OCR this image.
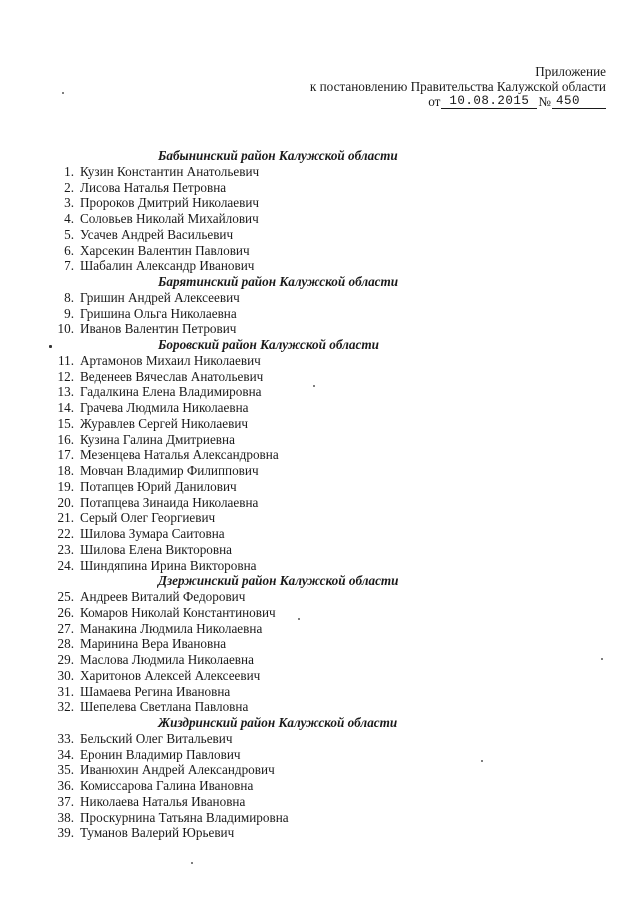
Приложение
к постановлению Правительства Калужской области
от 10.08.2015 № 450
Бабынинский район Калужской области
1. Кузин Константин Анатольевич
2. Лисова Наталья Петровна
3. Пророков Дмитрий Николаевич
4. Соловьев Николай Михайлович
5. Усачев Андрей Васильевич
6. Харсекин Валентин Павлович
7. Шабалин Александр Иванович
Барятинский район Калужской области
8. Гришин Андрей Алексеевич
9. Гришина Ольга Николаевна
10. Иванов Валентин Петрович
Боровский район Калужской области
11. Артамонов Михаил Николаевич
12. Веденеев Вячеслав Анатольевич
13. Гадалкина Елена Владимировна
14. Грачева Людмила Николаевна
15. Журавлев Сергей Николаевич
16. Кузина Галина Дмитриевна
17. Мезенцева Наталья Александровна
18. Мовчан Владимир Филиппович
19. Потапцев Юрий Данилович
20. Потапцева Зинаида Николаевна
21. Серый Олег Георгиевич
22. Шилова Зумара Саитовна
23. Шилова Елена Викторовна
24. Шиндяпина Ирина Викторовна
Дзержинский район Калужской области
25. Андреев Виталий Федорович
26. Комаров Николай Константинович
27. Манакина Людмила Николаевна
28. Маринина Вера Ивановна
29. Маслова Людмила Николаевна
30. Харитонов Алексей Алексеевич
31. Шамаева Регина Ивановна
32. Шепелева Светлана Павловна
Жиздринский район Калужской области
33. Бельский Олег Витальевич
34. Еронин Владимир Павлович
35. Иванюхин Андрей Александрович
36. Комиссарова Галина Ивановна
37. Николаева Наталья Ивановна
38. Проскурнина Татьяна Владимировна
39. Туманов Валерий Юрьевич
